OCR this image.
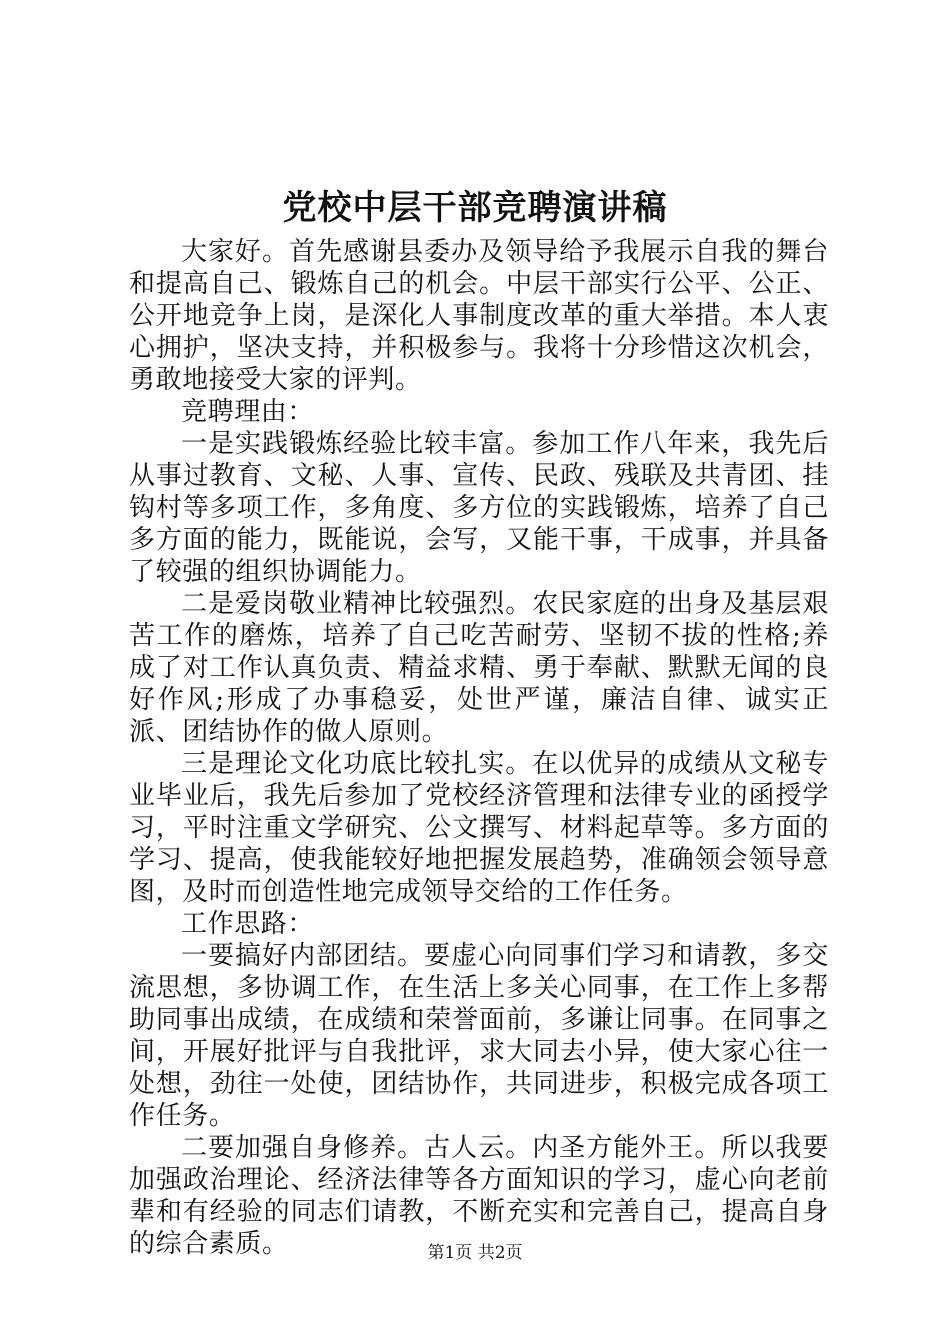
党校中层干部竞聘演讲稿

大家好。首先感谢县委办及领导给予我展示自我的舞台和提高自己、锻炼自己的机会。中层干部实行公平、公正、公开地竞争上岗，是深化人事制度改革的重大举措。本人衷心拥护，坚决支持，并积极参与。我将十分珍惜这次机会，勇敢地接受大家的评判。

竞聘理由：

一是实践锻炼经验比较丰富。参加工作八年来，我先后从事过教育、文秘、人事、宣传、民政、残联及共青团、挂钩村等多项工作，多角度、多方位的实践锻炼，培养了自己多方面的能力，既能说，会写，又能干事，干成事，并具备了较强的组织协调能力。

二是爱岗敬业精神比较强烈。农民家庭的出身及基层艰苦工作的磨炼，培养了自己吃苦耐劳、坚韧不拔的性格;养成了对工作认真负责、精益求精、勇于奉献、默默无闻的良好作风;形成了办事稳妥，处世严谨，廉洁自律、诚实正派、团结协作的做人原则。

三是理论文化功底比较扎实。在以优异的成绩从文秘专业毕业后，我先后参加了党校经济管理和法律专业的函授学习，平时注重文学研究、公文撰写、材料起草等。多方面的学习、提高，使我能较好地把握发展趋势，准确领会领导意图，及时而创造性地完成领导交给的工作任务。

工作思路：

一要搞好内部团结。要虚心向同事们学习和请教，多交流思想，多协调工作，在生活上多关心同事，在工作上多帮助同事出成绩，在成绩和荣誉面前，多谦让同事。在同事之间，开展好批评与自我批评，求大同去小异，使大家心往一处想，劲往一处使，团结协作，共同进步，积极完成各项工作任务。

二要加强自身修养。古人云。内圣方能外王。所以我要加强政治理论、经济法律等各方面知识的学习，虚心向老前辈和有经验的同志们请教，不断充实和完善自己，提高自身的综合素质。	第1页 共2页
